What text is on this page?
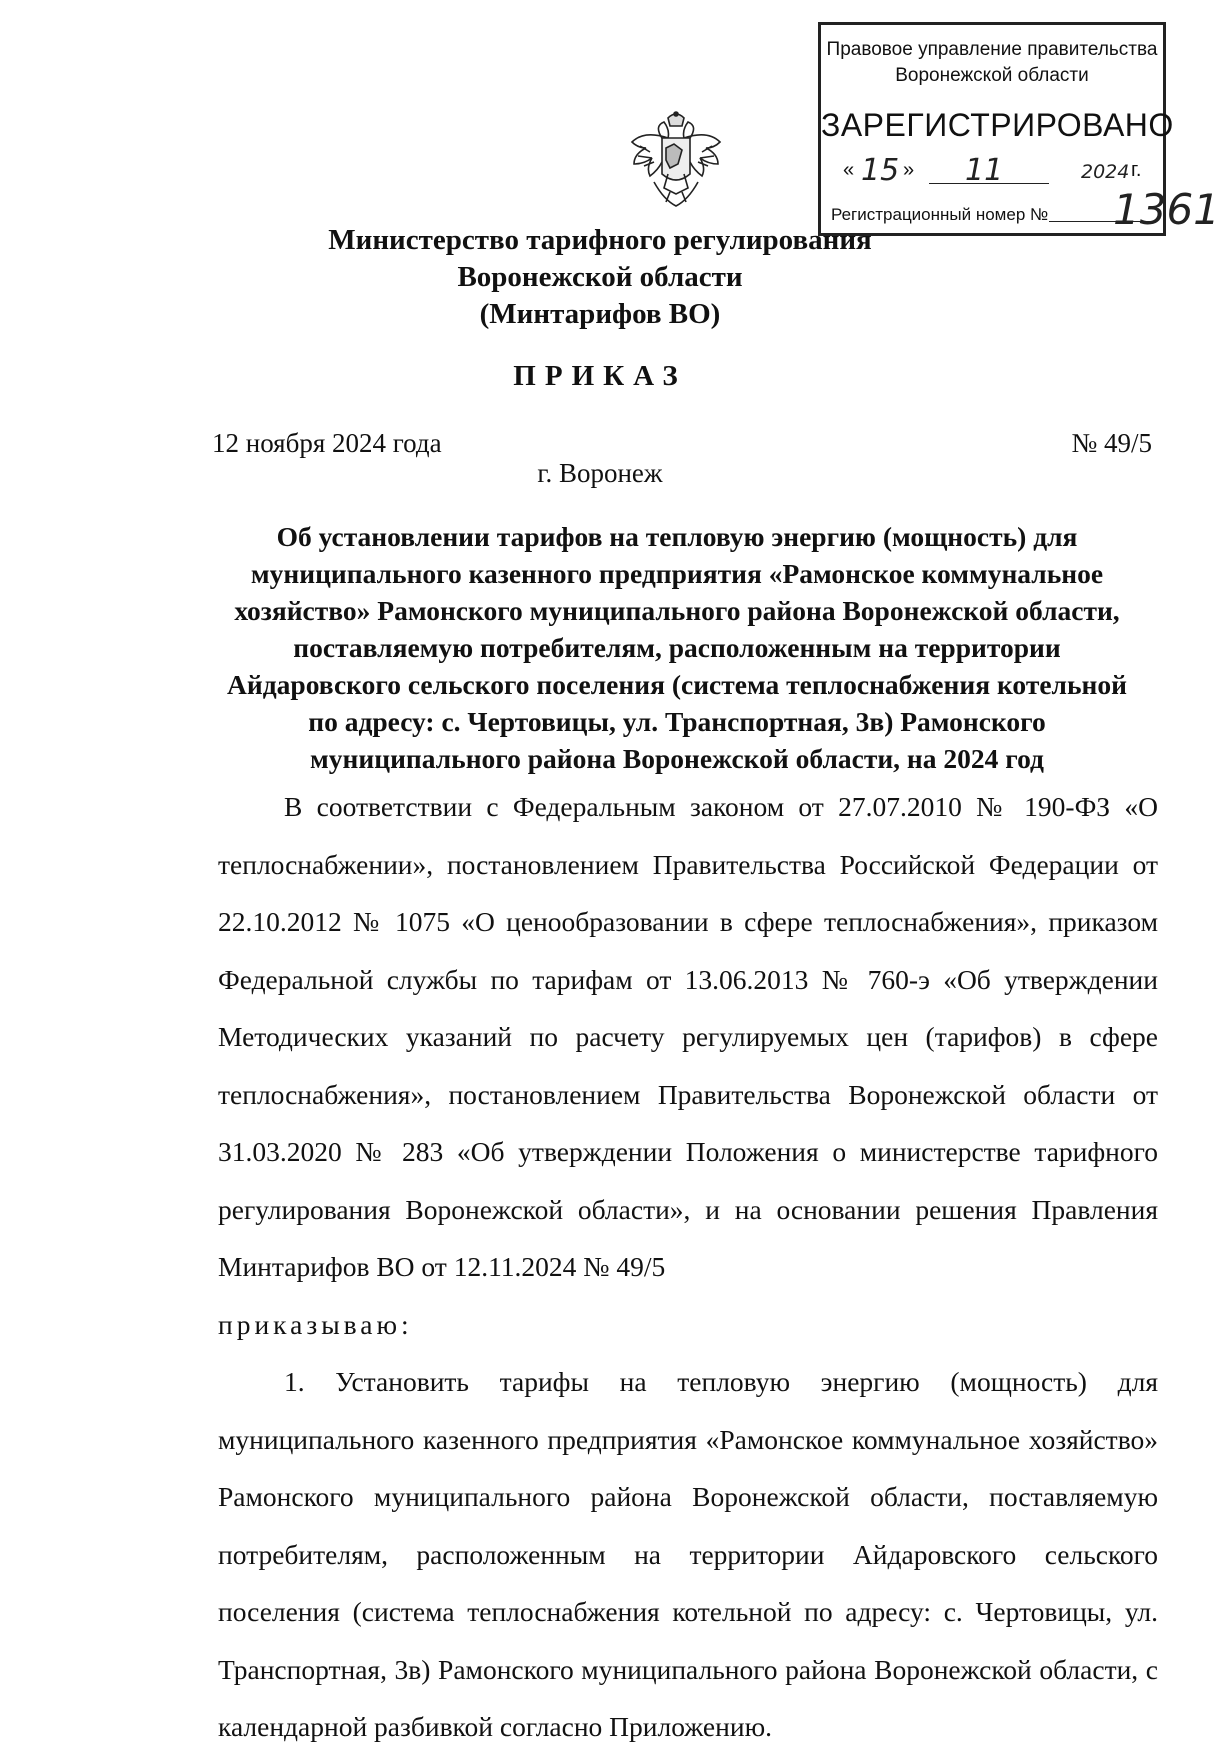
Правовое управление правительства
Воронежской области
ЗАРЕГИСТРИРОВАНО
« 15 » 11	2024 г.
Регистрационный номер № 1361
Министерство тарифного регулирования
Воронежской области
(Минтарифов ВО)
ПРИКАЗ
12 ноября 2024 года	№ 49/5
г. Воронеж
Об установлении тарифов на тепловую энергию (мощность) для
муниципального казенного предприятия «Рамонское коммунальное
хозяйство» Рамонского муниципального района Воронежской области,
поставляемую потребителям, расположенным на территории
Айдаровского сельского поселения (система теплоснабжения котельной
по адресу: с. Чертовицы, ул. Транспортная, 3в) Рамонского
муниципального района Воронежской области, на 2024 год

В соответствии с Федеральным законом от 27.07.2010 № 190-ФЗ «О теплоснабжении», постановлением Правительства Российской Федерации от 22.10.2012 № 1075 «О ценообразовании в сфере теплоснабжения», приказом Федеральной службы по тарифам от 13.06.2013 № 760-э «Об утверждении Методических указаний по расчету регулируемых цен (тарифов) в сфере теплоснабжения», постановлением Правительства Воронежской области от 31.03.2020 № 283 «Об утверждении Положения о министерстве тарифного регулирования Воронежской области», и на основании решения Правления Минтарифов ВО от 12.11.2024 № 49/5

приказываю:

1. Установить тарифы на тепловую энергию (мощность) для муниципального казенного предприятия «Рамонское коммунальное хозяйство» Рамонского муниципального района Воронежской области, поставляемую потребителям, расположенным на территории Айдаровского сельского поселения (система теплоснабжения котельной по адресу: с. Чертовицы, ул. Транспортная, 3в) Рамонского муниципального района Воронежской области, с календарной разбивкой согласно Приложению.
